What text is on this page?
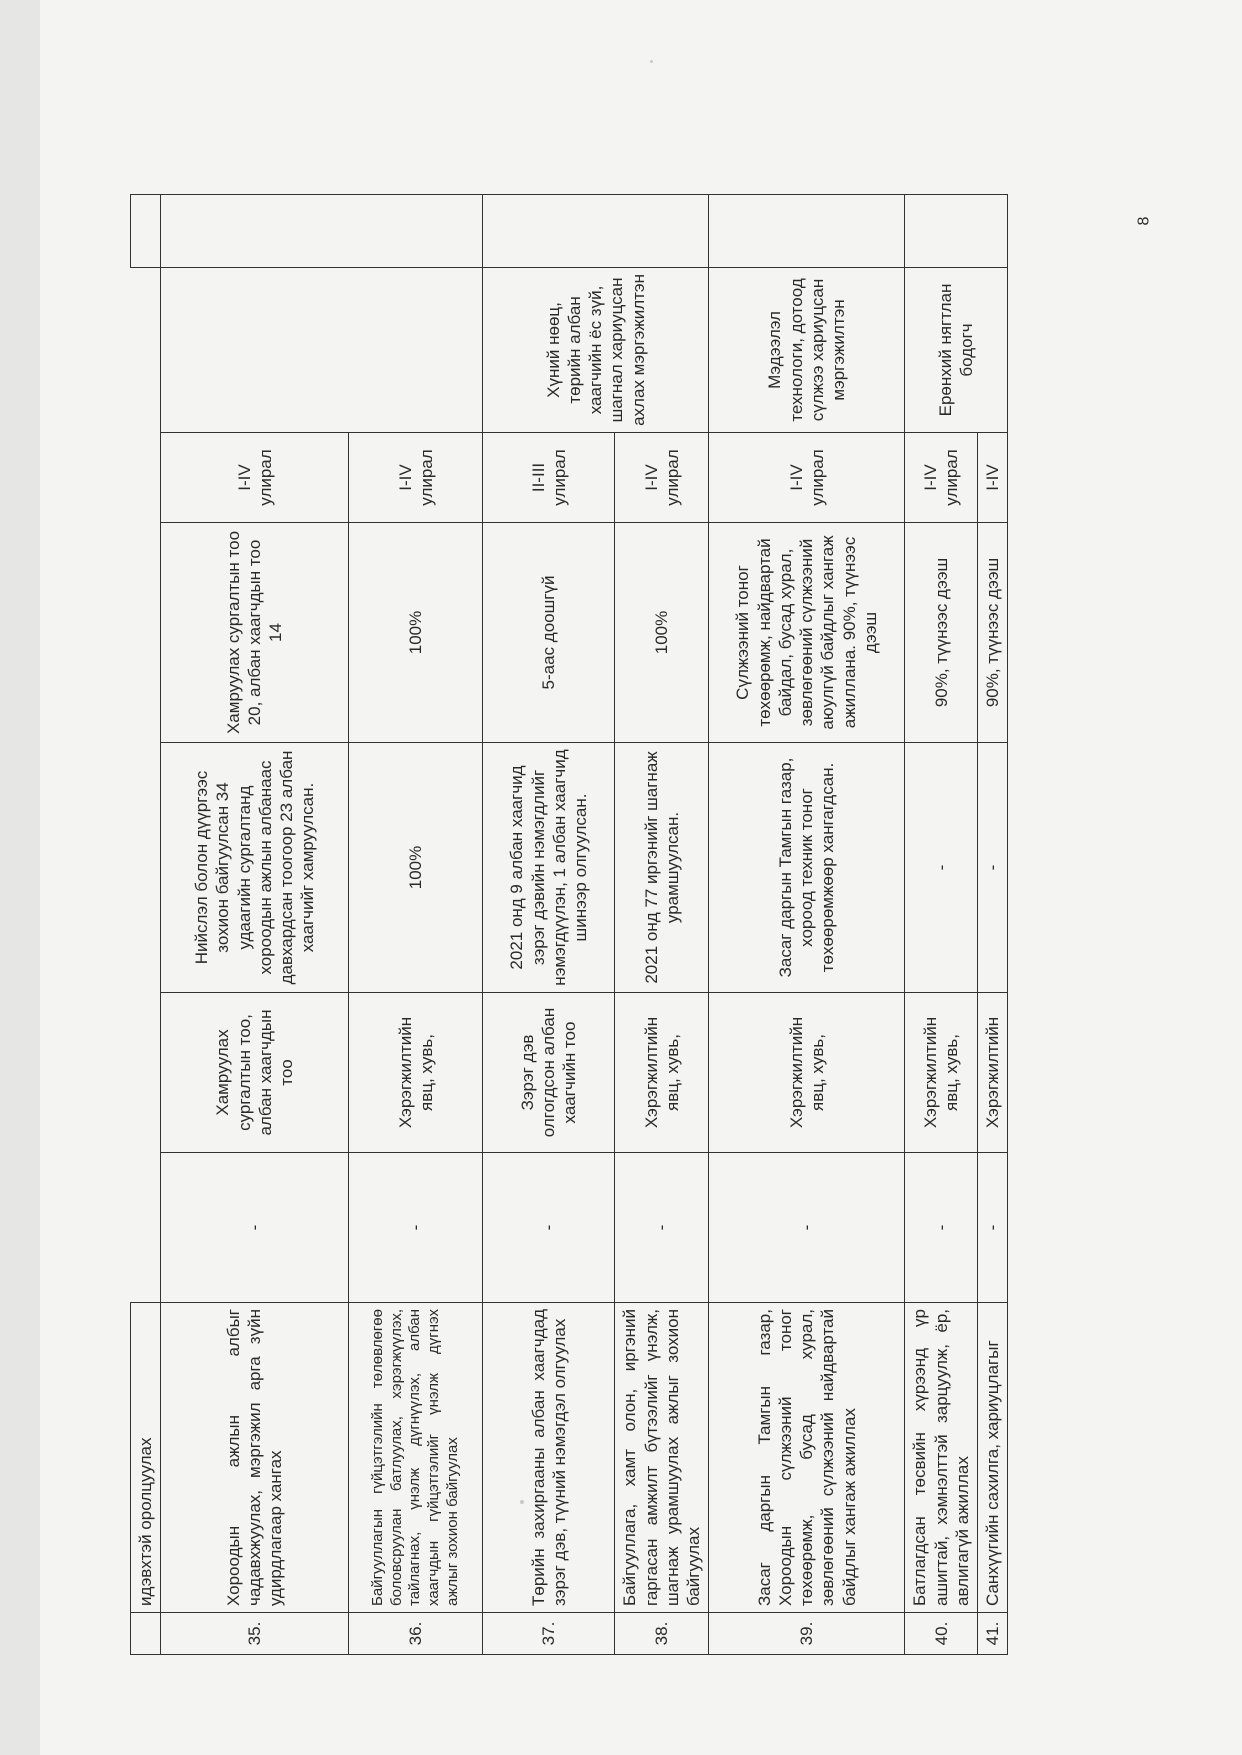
	идэвхтэй оролцуулах							
35.	Хороодын ажлын албыг чадавхжуулах, мэргэжил арга зүйн удирдлагаар хангах	-	Хамруулах сургалтын тоо, албан хаагчдын тоо	Нийслэл болон дүүргээс зохион байгуулсан 34 удаагийн сургалтанд хороодын ажлын албанаас давхардсан тоогоор 23 албан хаагчийг хамруулсан.	Хамруулах сургалтын тоо 20, албан хаагчдын тоо 14	I-IV улирал		
36.	Байгууллагын гүйцэтгэлийн төлөвлөгөө боловсруулан батлуулах, хэрэгжүүлэх, тайлагнах, үнэлж дүгнүүлэх, албан хаагчдын гүйцэтгэлийг үнэлж дүгнэх ажлыг зохион байгуулах	-	Хэрэгжилтийн явц, хувь,	100%	100%	I-IV улирал		
37.	Төрийн захиргааны албан хаагчдад зэрэг дэв, түүний нэмэгдэл олгуулах	-	Зэрэг дэв олгогдсон албан хаагчийн тоо	2021 онд 9 албан хаагчид зэрэг дэвийн нэмэгдлийг нэмэгдүүлэн, 1 албан хаагчид шинээр олгуулсан.	5-аас доошгүй	II-III улирал	Хүний нөөц, төрийн албан хаагчийн ёс зүй, шагнал хариуцсан ахлах мэргэжилтэн	
38.	Байгууллага, хамт олон, иргэний гаргасан амжилт бүтээлийг үнэлж, шагнаж урамшуулах ажлыг зохион байгуулах	-	Хэрэгжилтийн явц, хувь,	2021 онд 77 иргэнийг шагнаж урамшуулсан.	100%	I-IV улирал		
39.	Засаг даргын Тамгын газар, Хороодын сүлжээний тоног төхөөрөмж, бусад хурал, зөвлөгөөний сүлжээний найдвартай байдлыг хангаж ажиллах	-	Хэрэгжилтийн явц, хувь,	Засаг даргын Тамгын газар, хороод техник тоног төхөөрөмжөөр хангагдсан.	Сүлжээний тоног төхөөрөмж, найдвартай байдал, бусад хурал, зөвлөгөөний сүлжээний аюулгүй байдлыг хангаж ажиллана. 90%, түүнээс дээш	I-IV улирал	Мэдээлэл технологи, дотоод сүлжээ хариуцсан мэргэжилтэн	
40.	Батлагдсан төсвийн хүрээнд үр ашигтай, хэмнэлттэй зарцуулж, ёр, авлигагүй ажиллах	-	Хэрэгжилтийн явц, хувь,	-	90%, түүнээс дээш	I-IV улирал	Ерөнхий нягтлан бодогч	
41.	Санхүүгийн сахилга, хариуцлагыг	-	Хэрэгжилтийн	-	90%, түүнээс дээш	I-IV		
8
